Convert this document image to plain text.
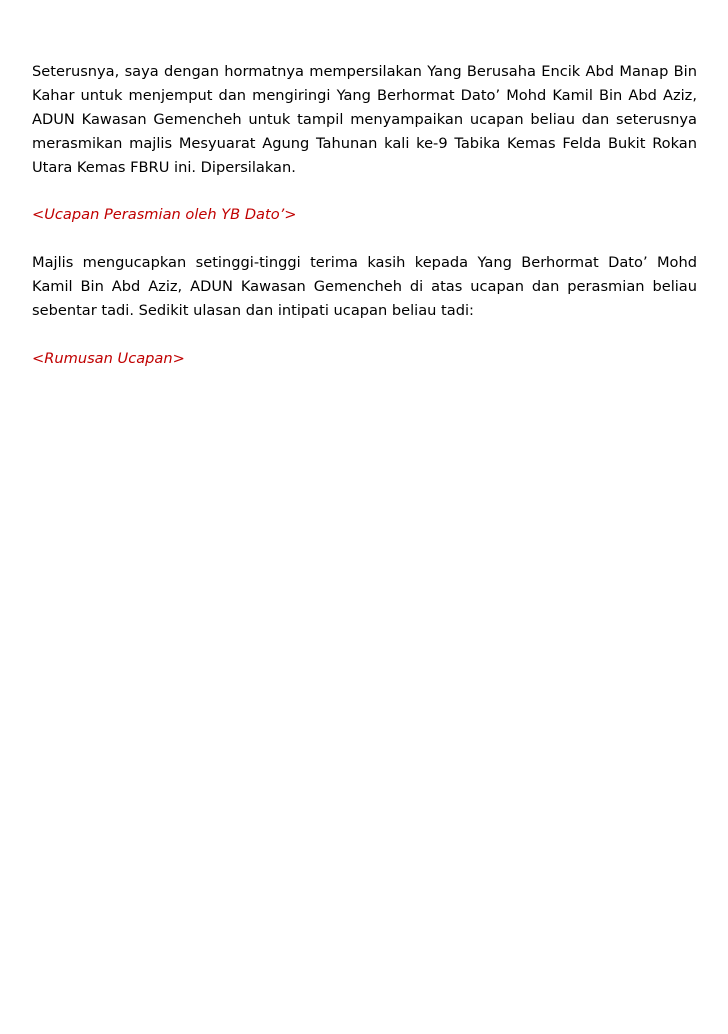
Seterusnya, saya dengan hormatnya mempersilakan Yang Berusaha Encik Abd Manap Bin Kahar untuk menjemput dan mengiringi Yang Berhormat Dato’ Mohd Kamil Bin Abd Aziz, ADUN Kawasan Gemencheh untuk tampil menyampaikan ucapan beliau dan seterusnya merasmikan majlis Mesyuarat Agung Tahunan kali ke-9 Tabika Kemas Felda Bukit Rokan Utara Kemas FBRU ini. Dipersilakan.

<Ucapan Perasmian oleh YB Dato’>

Majlis mengucapkan setinggi-tinggi terima kasih kepada Yang Berhormat Dato’ Mohd Kamil Bin Abd Aziz, ADUN Kawasan Gemencheh di atas ucapan dan perasmian beliau sebentar tadi. Sedikit ulasan dan intipati ucapan beliau tadi:

<Rumusan Ucapan>
